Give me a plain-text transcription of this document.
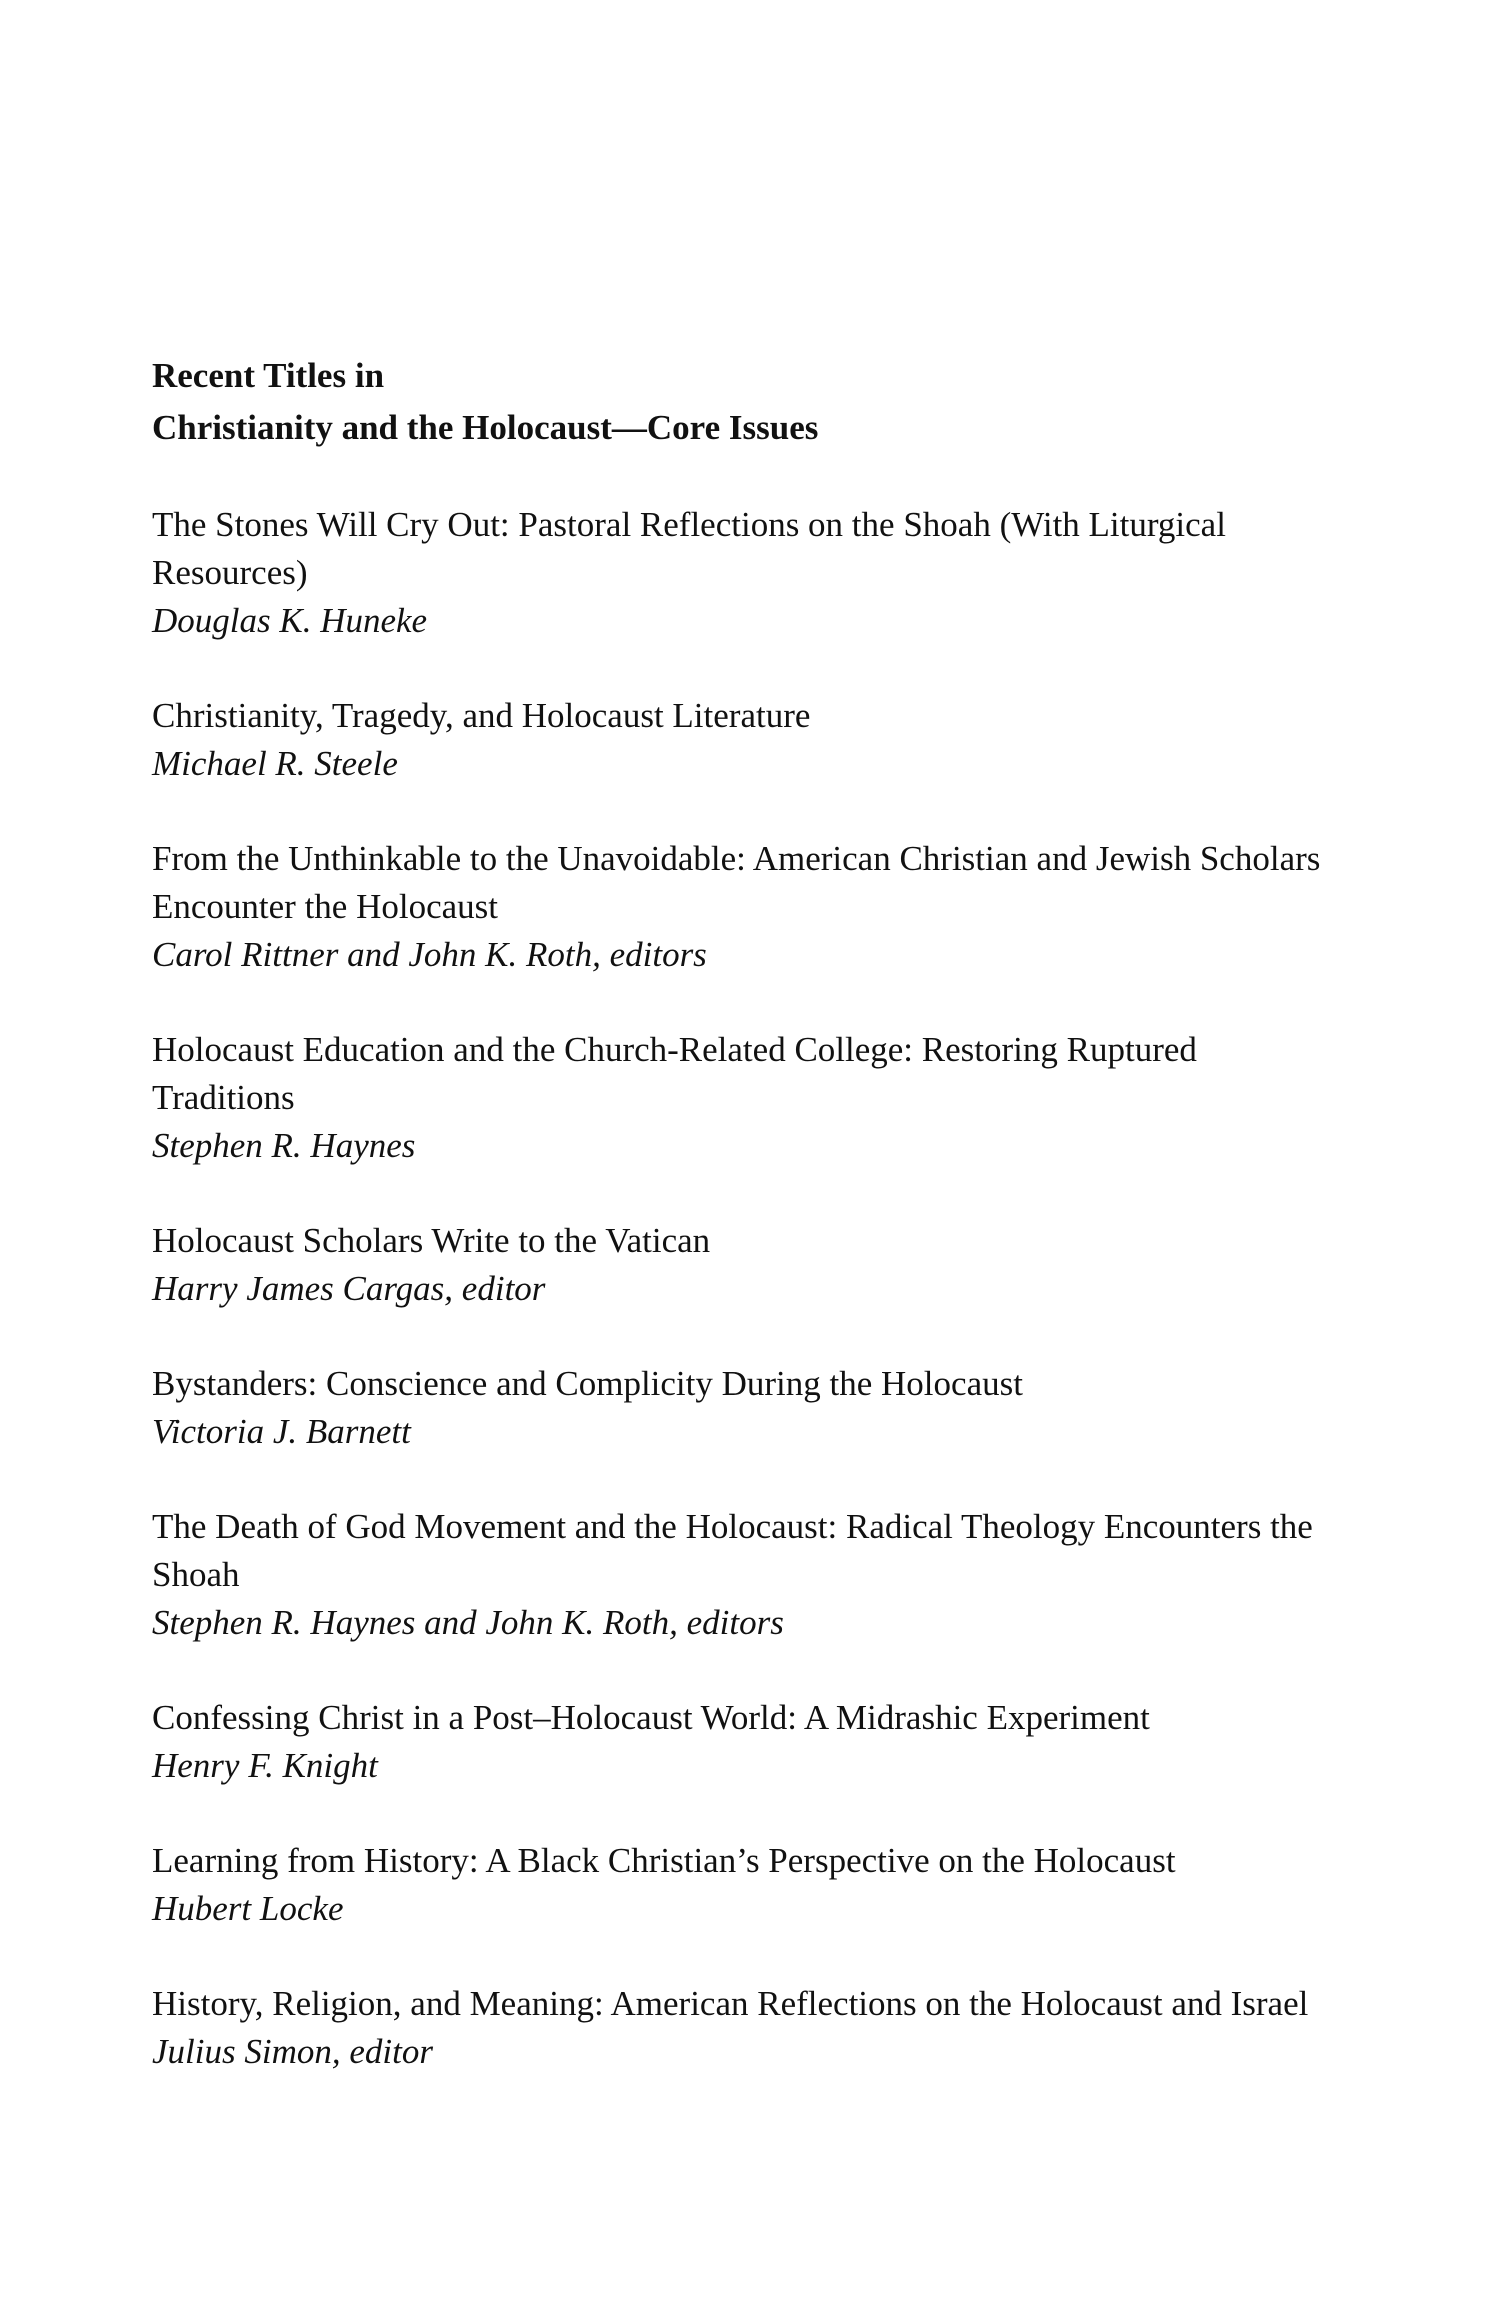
Recent Titles in
Christianity and the Holocaust—Core Issues
The Stones Will Cry Out: Pastoral Reflections on the Shoah (With Liturgical Resources)
Douglas K. Huneke
Christianity, Tragedy, and Holocaust Literature
Michael R. Steele
From the Unthinkable to the Unavoidable: American Christian and Jewish Scholars Encounter the Holocaust
Carol Rittner and John K. Roth, editors
Holocaust Education and the Church-Related College: Restoring Ruptured Traditions
Stephen R. Haynes
Holocaust Scholars Write to the Vatican
Harry James Cargas, editor
Bystanders: Conscience and Complicity During the Holocaust
Victoria J. Barnett
The Death of God Movement and the Holocaust: Radical Theology Encounters the Shoah
Stephen R. Haynes and John K. Roth, editors
Confessing Christ in a Post–Holocaust World: A Midrashic Experiment
Henry F. Knight
Learning from History: A Black Christian’s Perspective on the Holocaust
Hubert Locke
History, Religion, and Meaning: American Reflections on the Holocaust and Israel
Julius Simon, editor
